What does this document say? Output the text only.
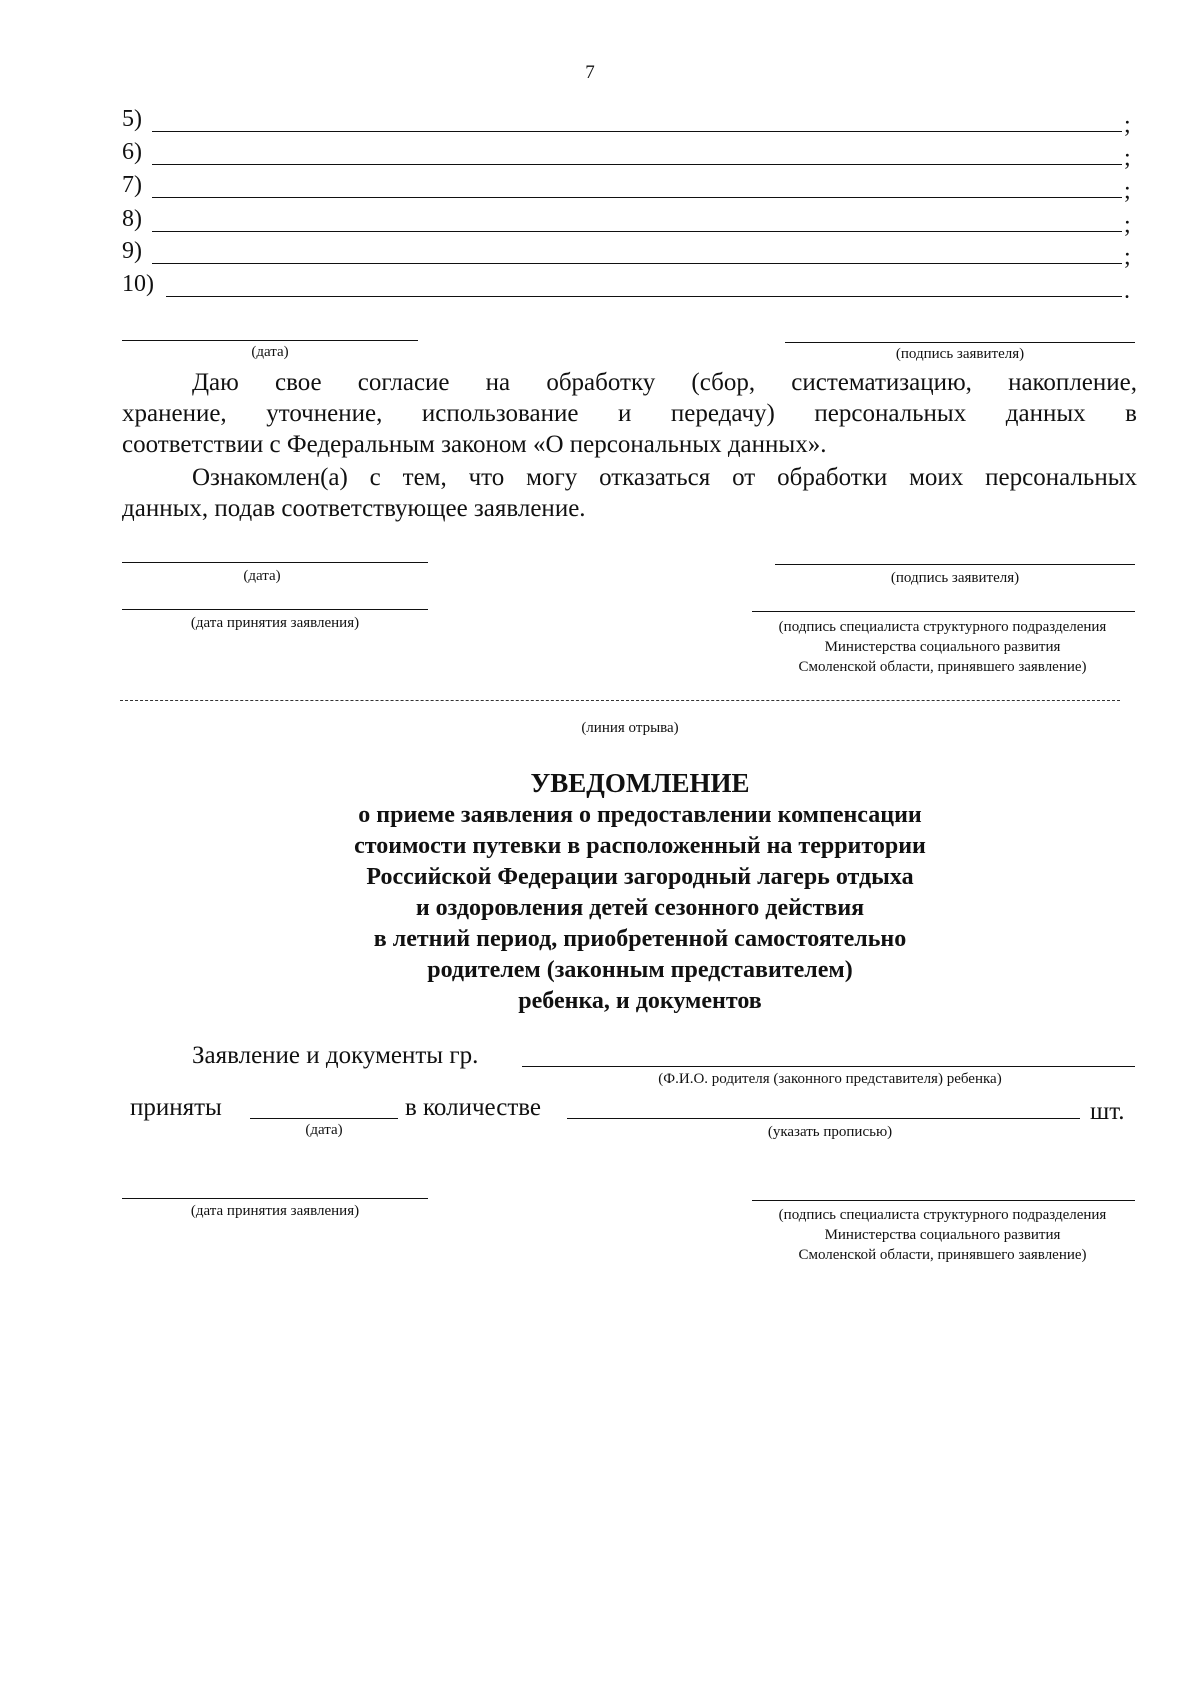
7
5)	;
6)	;
7)	;
8)	;
9)	;
10)	.
(дата)	(подпись заявителя)
Даю свое согласие на обработку (сбор, систематизацию, накопление,
хранение, уточнение, использование и передачу) персональных данных в
соответствии с Федеральным законом «О персональных данных».
Ознакомлен(а) с тем, что могу отказаться от обработки моих персональных
данных, подав соответствующее заявление.
(дата)	(подпись заявителя)
(дата принятия заявления)	(подпись специалиста структурного подразделения
Министерства социального развития
Смоленской области, принявшего заявление)
(линия отрыва)
УВЕДОМЛЕНИЕ
о приеме заявления о предоставлении компенсации
стоимости путевки в расположенный на территории
Российской Федерации загородный лагерь отдыха
и оздоровления детей сезонного действия
в летний период, приобретенной самостоятельно
родителем (законным представителем)
ребенка, и документов
Заявление и документы гр.
(Ф.И.О. родителя (законного представителя) ребенка)
приняты	в количестве	шт.
(дата)	(указать прописью)
(дата принятия заявления)	(подпись специалиста структурного подразделения
Министерства социального развития
Смоленской области, принявшего заявление)
